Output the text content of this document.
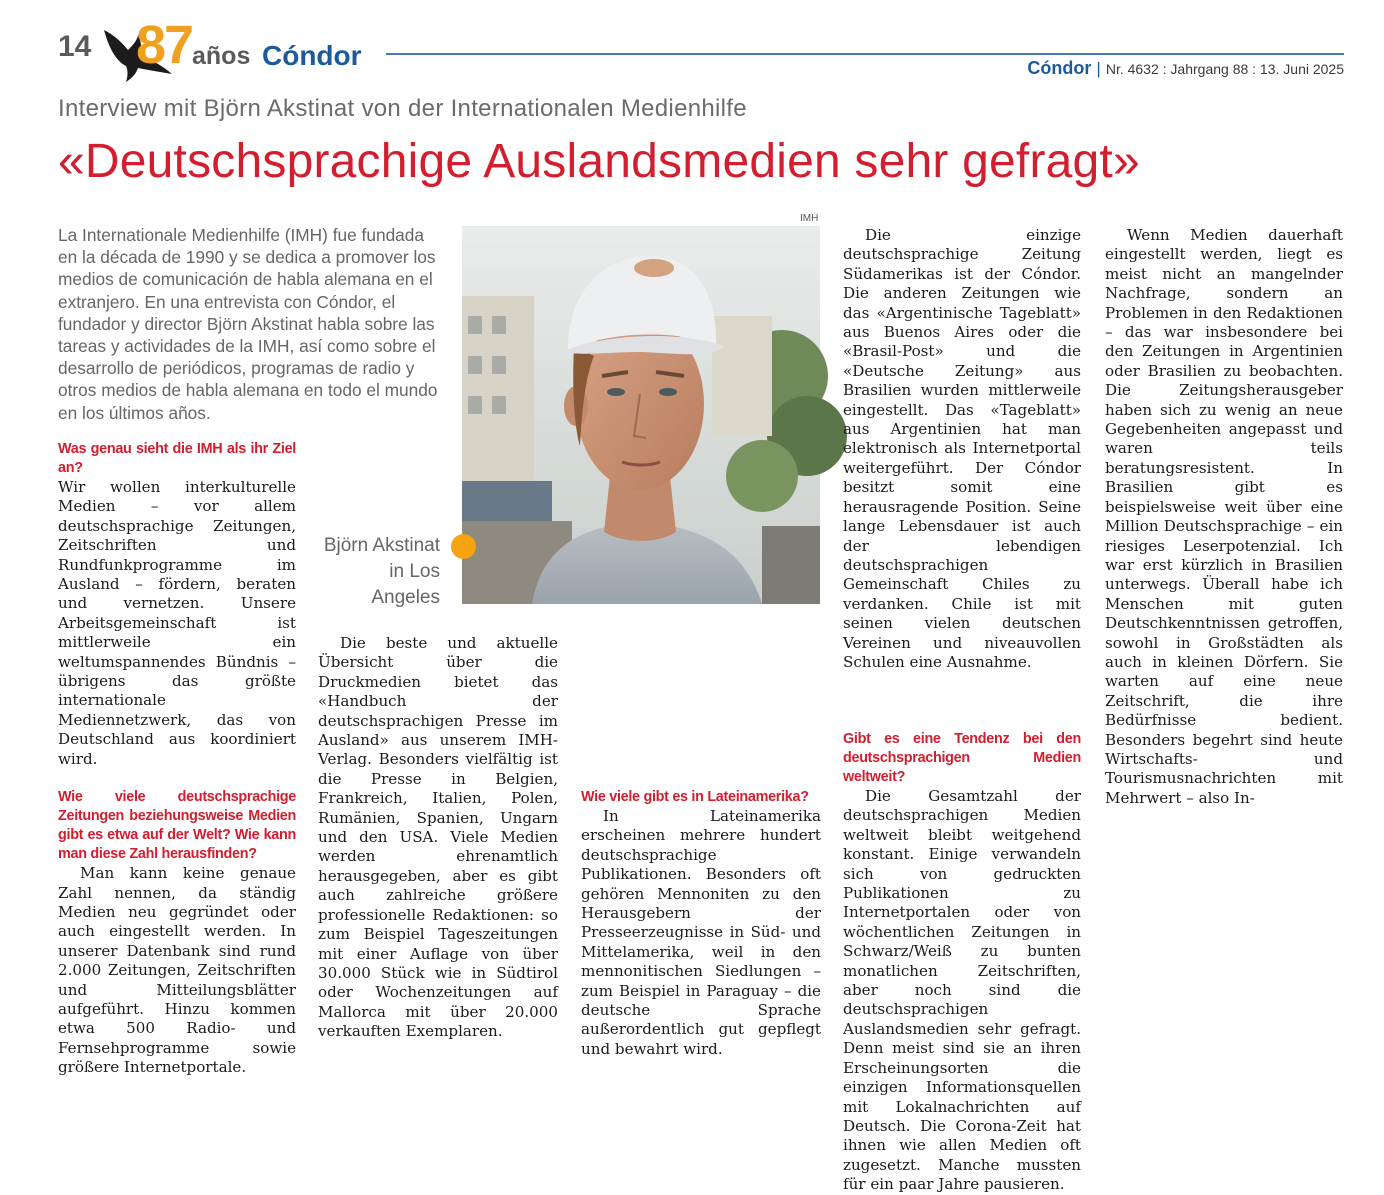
14 87 años Cóndor	Cóndor | Nr. 4632 : Jahrgang 88 : 13. Juni 2025
Interview mit Björn Akstinat von der Internationalen Medienhilfe
«Deutschsprachige Auslandsmedien sehr gefragt»
La Internationale Medienhilfe (IMH) fue fundada en la década de 1990 y se dedica a promover los medios de comunicación de habla alemana en el extranjero. En una entrevista con Cóndor, el fundador y director Björn Akstinat habla sobre las tareas y actividades de la IMH, así como sobre el desarrollo de periódicos, programas de radio y otros medios de habla alemana en todo el mundo en los últimos años.
IMH
Björn Akstinat in Los Angeles
Was genau sieht die IMH als ihr Ziel an?

Wir wollen interkulturelle Medien – vor allem deutschsprachige Zeitungen, Zeitschriften und Rundfunkprogramme im Ausland – fördern, beraten und vernetzen. Unsere Arbeitsgemeinschaft ist mittlerweile ein weltumspannendes Bündnis – übrigens das größte internationale Mediennetzwerk, das von Deutschland aus koordiniert wird.

Wie viele deutschsprachige Zeitungen beziehungsweise Medien gibt es etwa auf der Welt? Wie kann man diese Zahl herausfinden?

Man kann keine genaue Zahl nennen, da ständig Medien neu gegründet oder auch eingestellt werden. In unserer Datenbank sind rund 2.000 Zeitungen, Zeitschriften und Mitteilungsblätter aufgeführt. Hinzu kommen etwa 500 Radio- und Fernsehprogramme sowie größere Internetportale.

Die beste und aktuelle Übersicht über die Druckmedien bietet das «Handbuch der deutschsprachigen Presse im Ausland» aus unserem IMH-Verlag. Besonders vielfältig ist die Presse in Belgien, Frankreich, Italien, Polen, Rumänien, Spanien, Ungarn und den USA. Viele Medien werden ehrenamtlich herausgegeben, aber es gibt auch zahlreiche größere professionelle Redaktionen: so zum Beispiel Tageszeitungen mit einer Auflage von über 30.000 Stück wie in Südtirol oder Wochenzeitungen auf Mallorca mit über 20.000 verkauften Exemplaren.

Wie viele gibt es in Lateinamerika?

In Lateinamerika erscheinen mehrere hundert deutschsprachige Publikationen. Besonders oft gehören Mennoniten zu den Herausgebern der Presseerzeugnisse in Süd- und Mittelamerika, weil in den mennonitischen Siedlungen – zum Beispiel in Paraguay – die deutsche Sprache außerordentlich gut gepflegt und bewahrt wird.

Die einzige deutschsprachige Zeitung Südamerikas ist der Cóndor. Die anderen Zeitungen wie das «Argentinische Tageblatt» aus Buenos Aires oder die «Brasil-Post» und die «Deutsche Zeitung» aus Brasilien wurden mittlerweile eingestellt. Das «Tageblatt» aus Argentinien hat man elektronisch als Internetportal weitergeführt. Der Cóndor besitzt somit eine herausragende Position. Seine lange Lebensdauer ist auch der lebendigen deutschsprachigen Gemeinschaft Chiles zu verdanken. Chile ist mit seinen vielen deutschen Vereinen und niveauvollen Schulen eine Ausnahme.

Gibt es eine Tendenz bei den deutschsprachigen Medien weltweit?

Die Gesamtzahl der deutschsprachigen Medien weltweit bleibt weitgehend konstant. Einige verwandeln sich von gedruckten Publikationen zu Internetportalen oder von wöchentlichen Zeitungen in Schwarz/Weiß zu bunten monatlichen Zeitschriften, aber noch sind die deutschsprachigen Auslandsmedien sehr gefragt. Denn meist sind sie an ihren Erscheinungsorten die einzigen Informationsquellen mit Lokalnachrichten auf Deutsch. Die Corona-Zeit hat ihnen wie allen Medien oft zugesetzt. Manche mussten für ein paar Jahre pausieren.

Wenn Medien dauerhaft eingestellt werden, liegt es meist nicht an mangelnder Nachfrage, sondern an Problemen in den Redaktionen – das war insbesondere bei den Zeitungen in Argentinien oder Brasilien zu beobachten. Die Zeitungsherausgeber haben sich zu wenig an neue Gegebenheiten angepasst und waren teils beratungsresistent. In Brasilien gibt es beispielsweise weit über eine Million Deutschsprachige – ein riesiges Leserpotenzial. Ich war erst kürzlich in Brasilien unterwegs. Überall habe ich Menschen mit guten Deutschkenntnissen getroffen, sowohl in Großstädten als auch in kleinen Dörfern. Sie warten auf eine neue Zeitschrift, die ihre Bedürfnisse bedient. Besonders begehrt sind heute Wirtschafts- und Tourismusnachrichten mit Mehrwert – also In-
